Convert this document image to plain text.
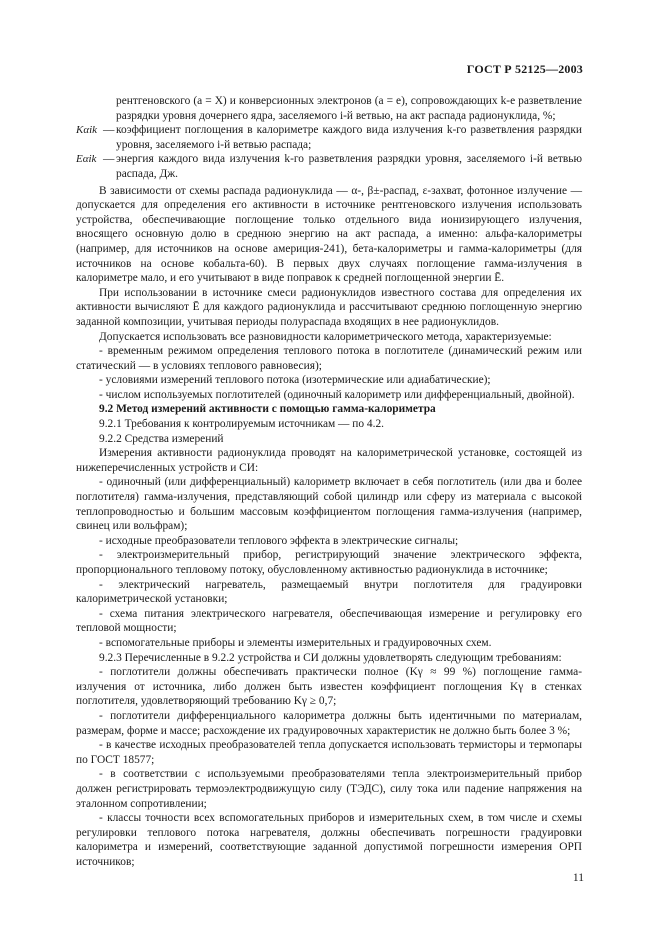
ГОСТ Р 52125—2003
рентгеновского (a = X) и конверсионных электронов (a = e), сопровождающих k-е разветвление разрядки уровня дочернего ядра, заселяемого i-й ветвью, на акт распада радионуклида, %;
Kαik — коэффициент поглощения в калориметре каждого вида излучения k-го разветвления разрядки уровня, заселяемого i-й ветвью распада;
Eαik — энергия каждого вида излучения k-го разветвления разрядки уровня, заселяемого i-й ветвью распада, Дж.

В зависимости от схемы распада радионуклида — α-, β±-распад, ε-захват, фотонное излучение — допускается для определения его активности в источнике рентгеновского излучения использовать устройства, обеспечивающие поглощение только отдельного вида ионизирующего излучения, вносящего основную долю в среднюю энергию на акт распада, а именно: альфа-калориметры (например, для источников на основе америция-241), бета-калориметры и гамма-калориметры (для источников на основе кобальта-60). В первых двух случаях поглощение гамма-излучения в калориметре мало, и его учитывают в виде поправок к средней поглощенной энергии Ē.

При использовании в источнике смеси радионуклидов известного состава для определения их активности вычисляют Ē для каждого радионуклида и рассчитывают среднюю поглощенную энергию заданной композиции, учитывая периоды полураспада входящих в нее радионуклидов.

Допускается использовать все разновидности калориметрического метода, характеризуемые:

- временным режимом определения теплового потока в поглотителе (динамический режим или статический — в условиях теплового равновесия);

- условиями измерений теплового потока (изотермические или адиабатические);

- числом используемых поглотителей (одиночный калориметр или дифференциальный, двойной).

9.2 Метод измерений активности с помощью гамма-калориметра

9.2.1 Требования к контролируемым источникам — по 4.2.

9.2.2 Средства измерений

Измерения активности радионуклида проводят на калориметрической установке, состоящей из нижеперечисленных устройств и СИ:

- одиночный (или дифференциальный) калориметр включает в себя поглотитель (или два и более поглотителя) гамма-излучения, представляющий собой цилиндр или сферу из материала с высокой теплопроводностью и большим массовым коэффициентом поглощения гамма-излучения (например, свинец или вольфрам);

- исходные преобразователи теплового эффекта в электрические сигналы;

- электроизмерительный прибор, регистрирующий значение электрического эффекта, пропорционального тепловому потоку, обусловленному активностью радионуклида в источнике;

- электрический нагреватель, размещаемый внутри поглотителя для градуировки калориметрической установки;

- схема питания электрического нагревателя, обеспечивающая измерение и регулировку его тепловой мощности;

- вспомогательные приборы и элементы измерительных и градуировочных схем.

9.2.3 Перечисленные в 9.2.2 устройства и СИ должны удовлетворять следующим требованиям:

- поглотители должны обеспечивать практически полное (Kγ ≈ 99 %) поглощение гамма-излучения от источника, либо должен быть известен коэффициент поглощения Kγ в стенках поглотителя, удовлетворяющий требованию Kγ ≥ 0,7;

- поглотители дифференциального калориметра должны быть идентичными по материалам, размерам, форме и массе; расхождение их градуировочных характеристик не должно быть более 3 %;

- в качестве исходных преобразователей тепла допускается использовать термисторы и термопары по ГОСТ 18577;

- в соответствии с используемыми преобразователями тепла электроизмерительный прибор должен регистрировать термоэлектродвижущую силу (ТЭДС), силу тока или падение напряжения на эталонном сопротивлении;

- классы точности всех вспомогательных приборов и измерительных схем, в том числе и схемы регулировки теплового потока нагревателя, должны обеспечивать погрешности градуировки калориметра и измерений, соответствующие заданной допустимой погрешности измерения ОРП источников;

11
